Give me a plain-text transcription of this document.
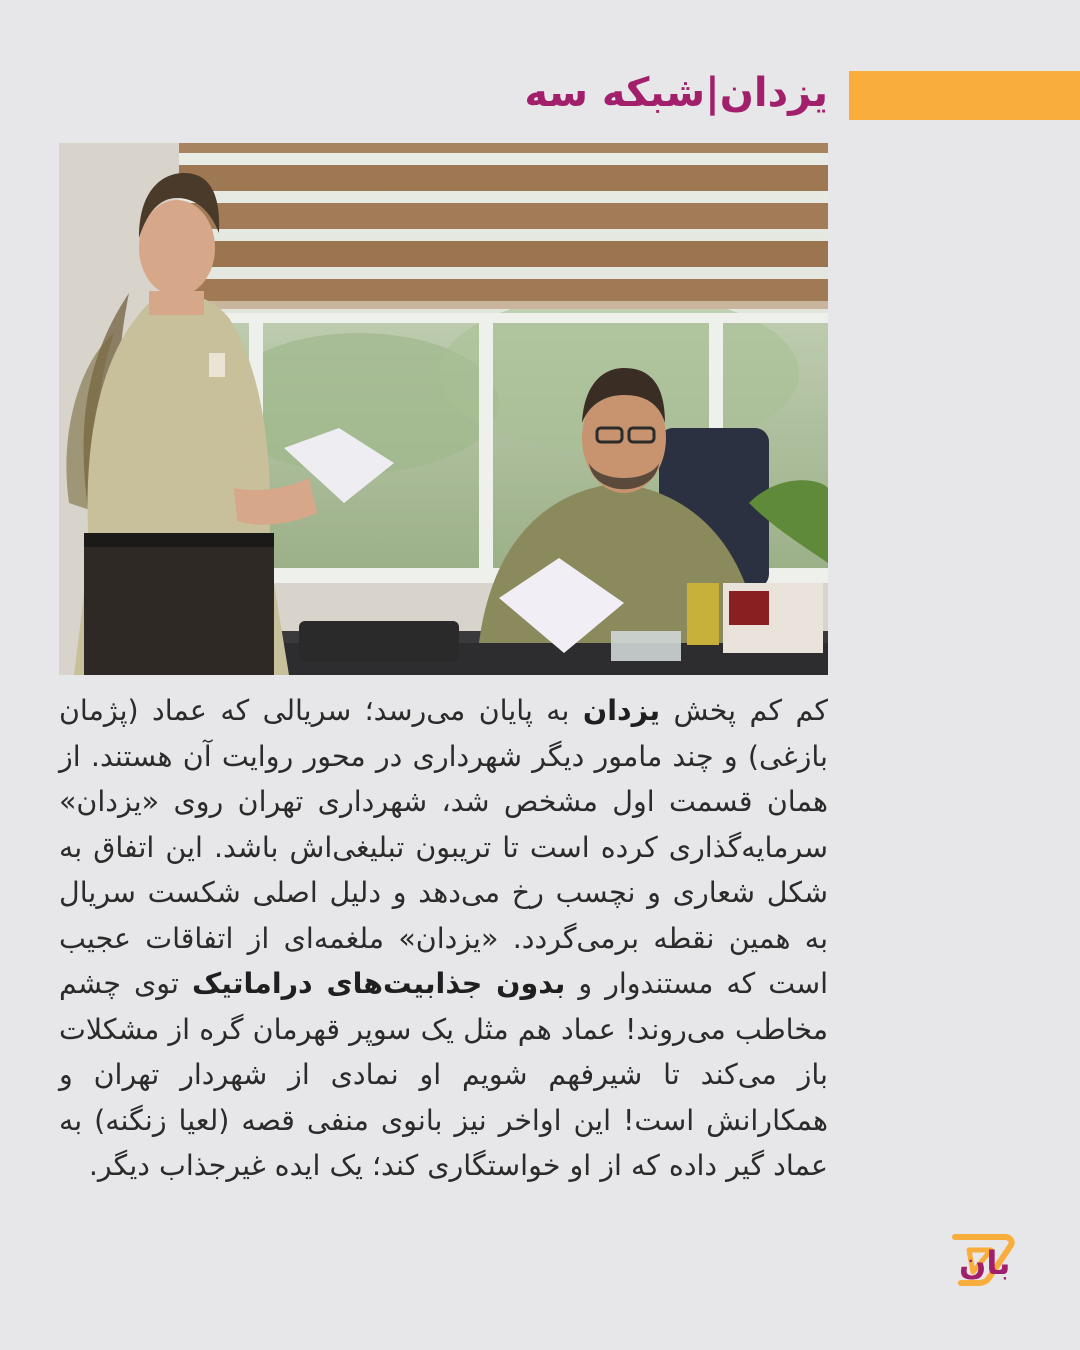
یزدان|شبکه سه

کم کم پخش یزدان به پایان می‌رسد؛ سریالی که عماد (پژمان بازغی) و چند مامور دیگر شهرداری در محور روایت آن هستند. از همان قسمت اول مشخص شد، شهرداری تهران روی «یزدان» سرمایه‌گذاری کرده است تا تریبون تبلیغی‌اش باشد. این اتفاق به شکل شعاری و نچسب رخ می‌دهد و دلیل اصلی شکست سریال به همین نقطه برمی‌گردد. «یزدان» ملغمه‌ای از اتفاقات عجیب است که مستندوار و بدون جذابیت‌های دراماتیک توی چشم مخاطب می‌روند! عماد هم مثل یک سوپر قهرمان گره از مشکلات باز می‌کند تا شیرفهم شویم او نمادی از شهردار تهران و همکارانش است! این اواخر نیز بانوی منفی قصه (لعیا زنگنه) به عماد گیر داده که از او خواستگاری کند؛ یک ایده غیرجذاب دیگر.

بان
